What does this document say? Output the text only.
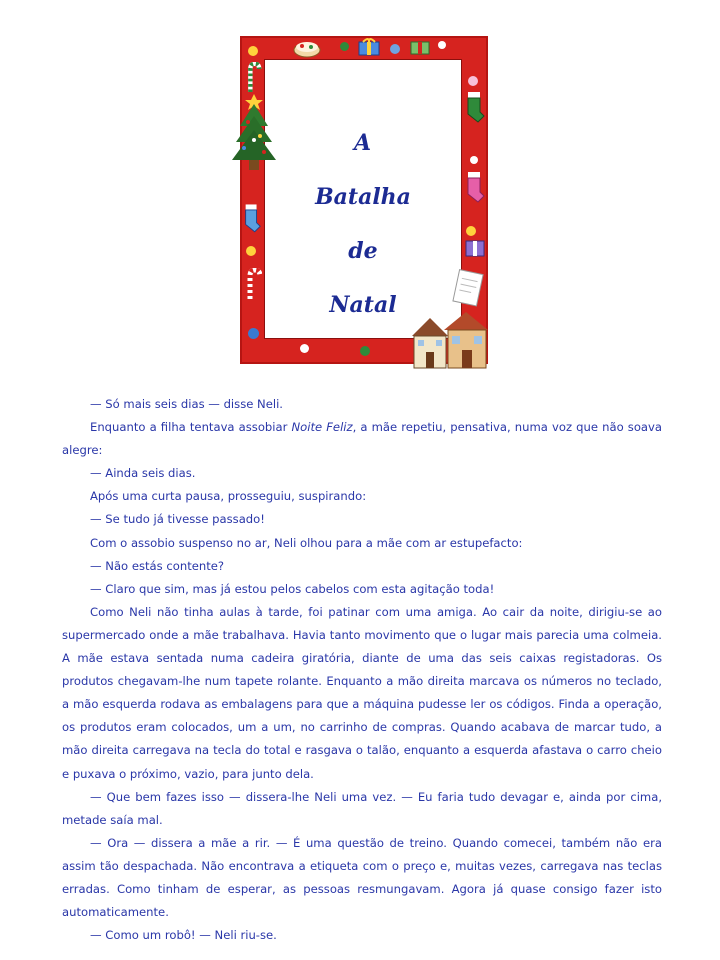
A
Batalha
de
Natal

— Só mais seis dias — disse Neli.

Enquanto a filha tentava assobiar Noite Feliz, a mãe repetiu, pensativa, numa voz que não soava alegre:

— Ainda seis dias.

Após uma curta pausa, prosseguiu, suspirando:

— Se tudo já tivesse passado!

Com o assobio suspenso no ar, Neli olhou para a mãe com ar estupefacto:

— Não estás contente?

— Claro que sim, mas já estou pelos cabelos com esta agitação toda!

Como Neli não tinha aulas à tarde, foi patinar com uma amiga. Ao cair da noite, dirigiu-se ao supermercado onde a mãe trabalhava. Havia tanto movimento que o lugar mais parecia uma colmeia. A mãe estava sentada numa cadeira giratória, diante de uma das seis caixas registadoras. Os produtos chegavam-lhe num tapete rolante. Enquanto a mão direita marcava os números no teclado, a mão esquerda rodava as embalagens para que a máquina pudesse ler os códigos. Finda a operação, os produtos eram colocados, um a um, no carrinho de compras. Quando acabava de marcar tudo, a mão direita carregava na tecla do total e rasgava o talão, enquanto a esquerda afastava o carro cheio e puxava o próximo, vazio, para junto dela.

— Que bem fazes isso — dissera-lhe Neli uma vez. — Eu faria tudo devagar e, ainda por cima, metade saía mal.

— Ora — dissera a mãe a rir. — É uma questão de treino. Quando comecei, também não era assim tão despachada. Não encontrava a etiqueta com o preço e, muitas vezes, carregava nas teclas erradas. Como tinham de esperar, as pessoas resmungavam. Agora já quase consigo fazer isto automaticamente.

— Como um robô! — Neli riu-se.
